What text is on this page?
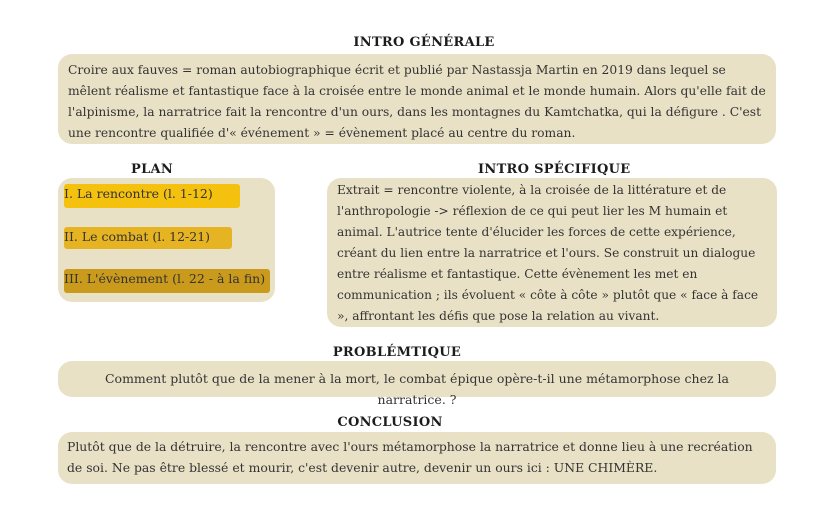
INTRO GÉNÉRALE
Croire aux fauves = roman autobiographique écrit et publié par Nastassja Martin en 2019 dans lequel se mêlent réalisme et fantastique face à la croisée entre le monde animal et le monde humain. Alors qu'elle fait de l'alpinisme, la narratrice fait la rencontre d'un ours, dans les montagnes du Kamtchatka, qui la défigure . C'est une rencontre qualifiée d'« événement » = évènement placé au centre du roman.
PLAN
I. La rencontre (l. 1-12)
II. Le combat (l. 12-21)
III. L'évènement (l. 22 - à la fin)
INTRO SPÉCIFIQUE
Extrait = rencontre violente, à la croisée de la littérature et de l'anthropologie -> réflexion de ce qui peut lier les M humain et animal. L'autrice tente d'élucider les forces de cette expérience, créant du lien entre la narratrice et l'ours. Se construit un dialogue entre réalisme et fantastique. Cette évènement les met en communication ; ils évoluent « côte à côte » plutôt que « face à face », affrontant les défis que pose la relation au vivant.
PROBLÉMTIQUE
Comment plutôt que de la mener à la mort, le combat épique opère-t-il une métamorphose chez la narratrice. ?
CONCLUSION
Plutôt que de la détruire, la rencontre avec l'ours métamorphose la narratrice et donne lieu à une recréation de soi. Ne pas être blessé et mourir, c'est devenir autre, devenir un ours ici : UNE CHIMÈRE.
